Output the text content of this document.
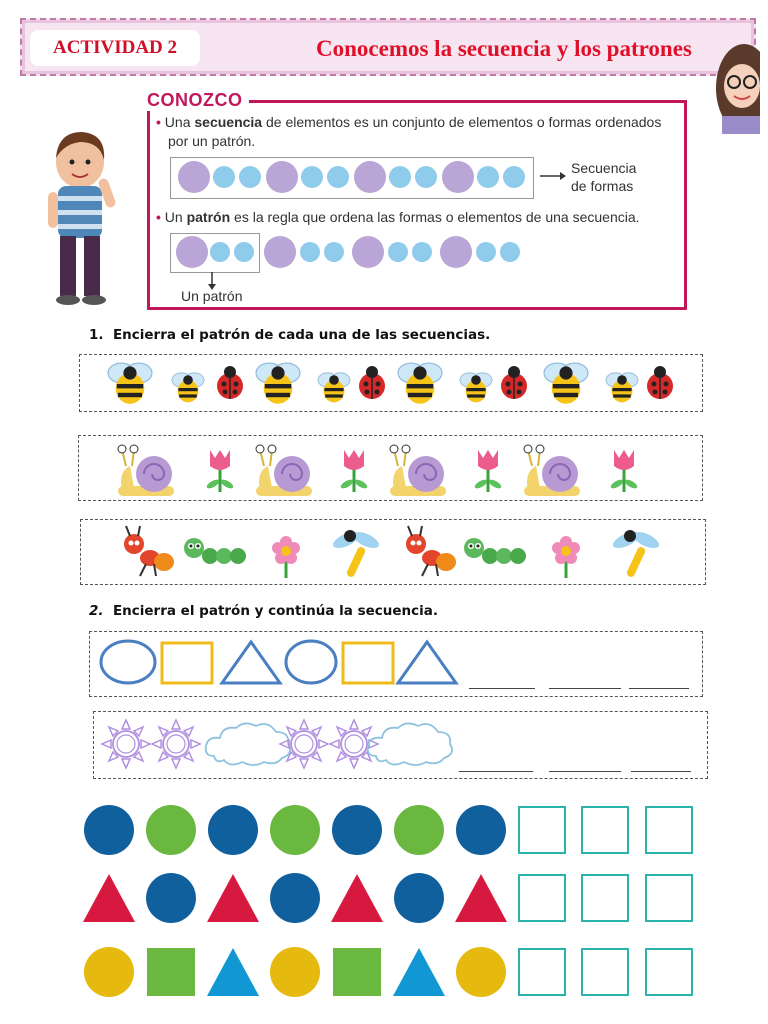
ACTIVIDAD 2	Conocemos la secuencia y los patrones
CONOZCO
• Una secuencia de elementos es un conjunto de elementos o formas ordenados
por un patrón.
Secuencia
de formas
• Un patrón es la regla que ordena las formas o elementos de una secuencia.
Un patrón
1. Encierra el patrón de cada una de las secuencias.
2. Encierra el patrón y continúa la secuencia.
